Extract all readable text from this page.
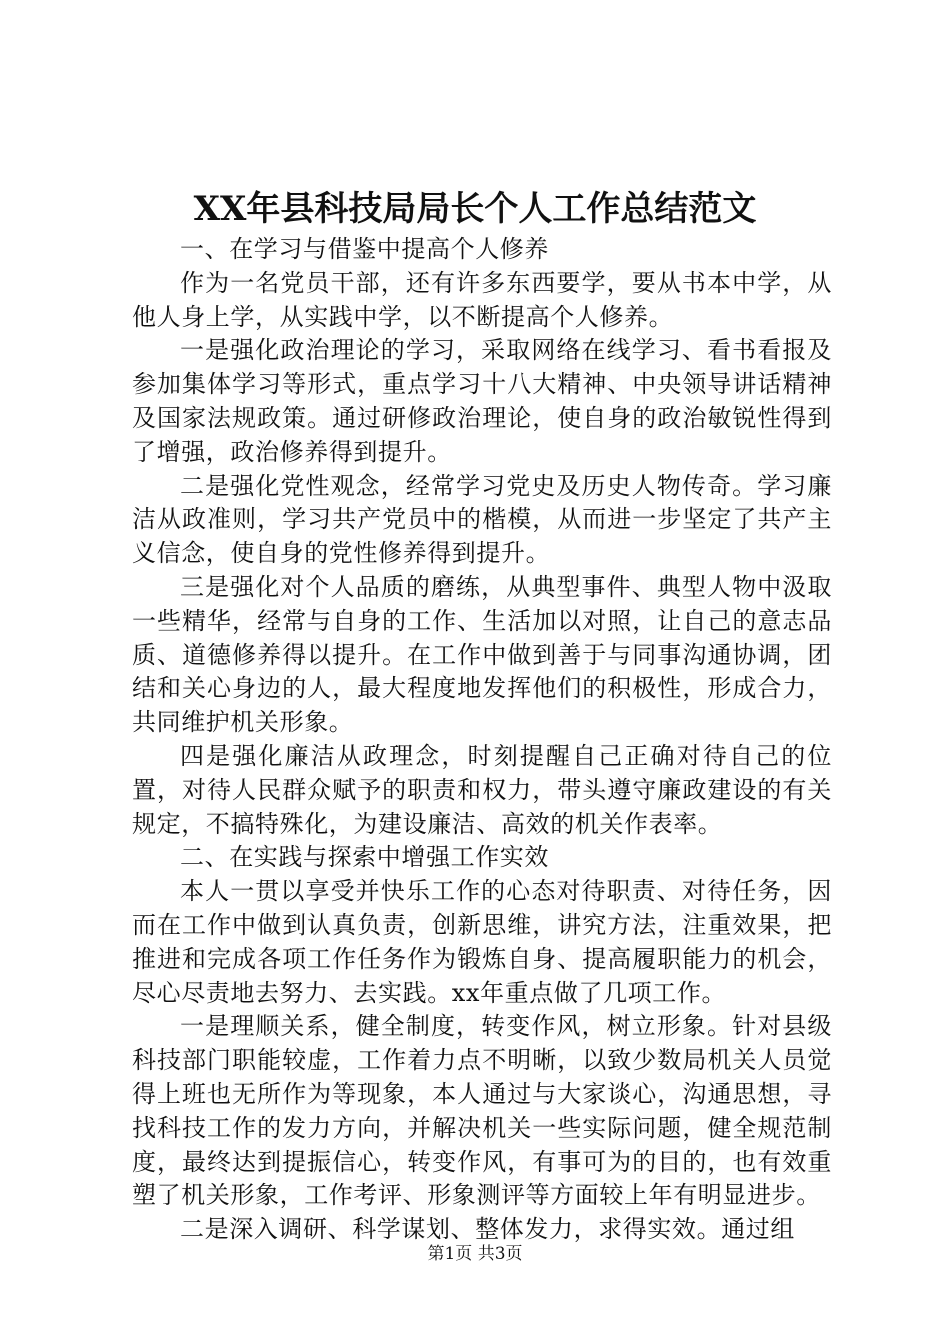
XX年县科技局局长个人工作总结范文

一、在学习与借鉴中提高个人修养

作为一名党员干部，还有许多东西要学，要从书本中学，从他人身上学，从实践中学，以不断提高个人修养。

一是强化政治理论的学习，采取网络在线学习、看书看报及参加集体学习等形式，重点学习十八大精神、中央领导讲话精神及国家法规政策。通过研修政治理论，使自身的政治敏锐性得到了增强，政治修养得到提升。

二是强化党性观念，经常学习党史及历史人物传奇。学习廉洁从政准则，学习共产党员中的楷模，从而进一步坚定了共产主义信念，使自身的党性修养得到提升。

三是强化对个人品质的磨练，从典型事件、典型人物中汲取一些精华，经常与自身的工作、生活加以对照，让自己的意志品质、道德修养得以提升。在工作中做到善于与同事沟通协调，团结和关心身边的人，最大程度地发挥他们的积极性，形成合力，共同维护机关形象。

四是强化廉洁从政理念，时刻提醒自己正确对待自己的位置，对待人民群众赋予的职责和权力，带头遵守廉政建设的有关规定，不搞特殊化，为建设廉洁、高效的机关作表率。

二、在实践与探索中增强工作实效

本人一贯以享受并快乐工作的心态对待职责、对待任务，因而在工作中做到认真负责，创新思维，讲究方法，注重效果，把推进和完成各项工作任务作为锻炼自身、提高履职能力的机会，尽心尽责地去努力、去实践。xx年重点做了几项工作。

一是理顺关系，健全制度，转变作风，树立形象。针对县级科技部门职能较虚，工作着力点不明晰，以致少数局机关人员觉得上班也无所作为等现象，本人通过与大家谈心，沟通思想，寻找科技工作的发力方向，并解决机关一些实际问题，健全规范制度，最终达到提振信心，转变作风，有事可为的目的，也有效重塑了机关形象，工作考评、形象测评等方面较上年有明显进步。

二是深入调研、科学谋划、整体发力，求得实效。通过组

第1页 共3页
